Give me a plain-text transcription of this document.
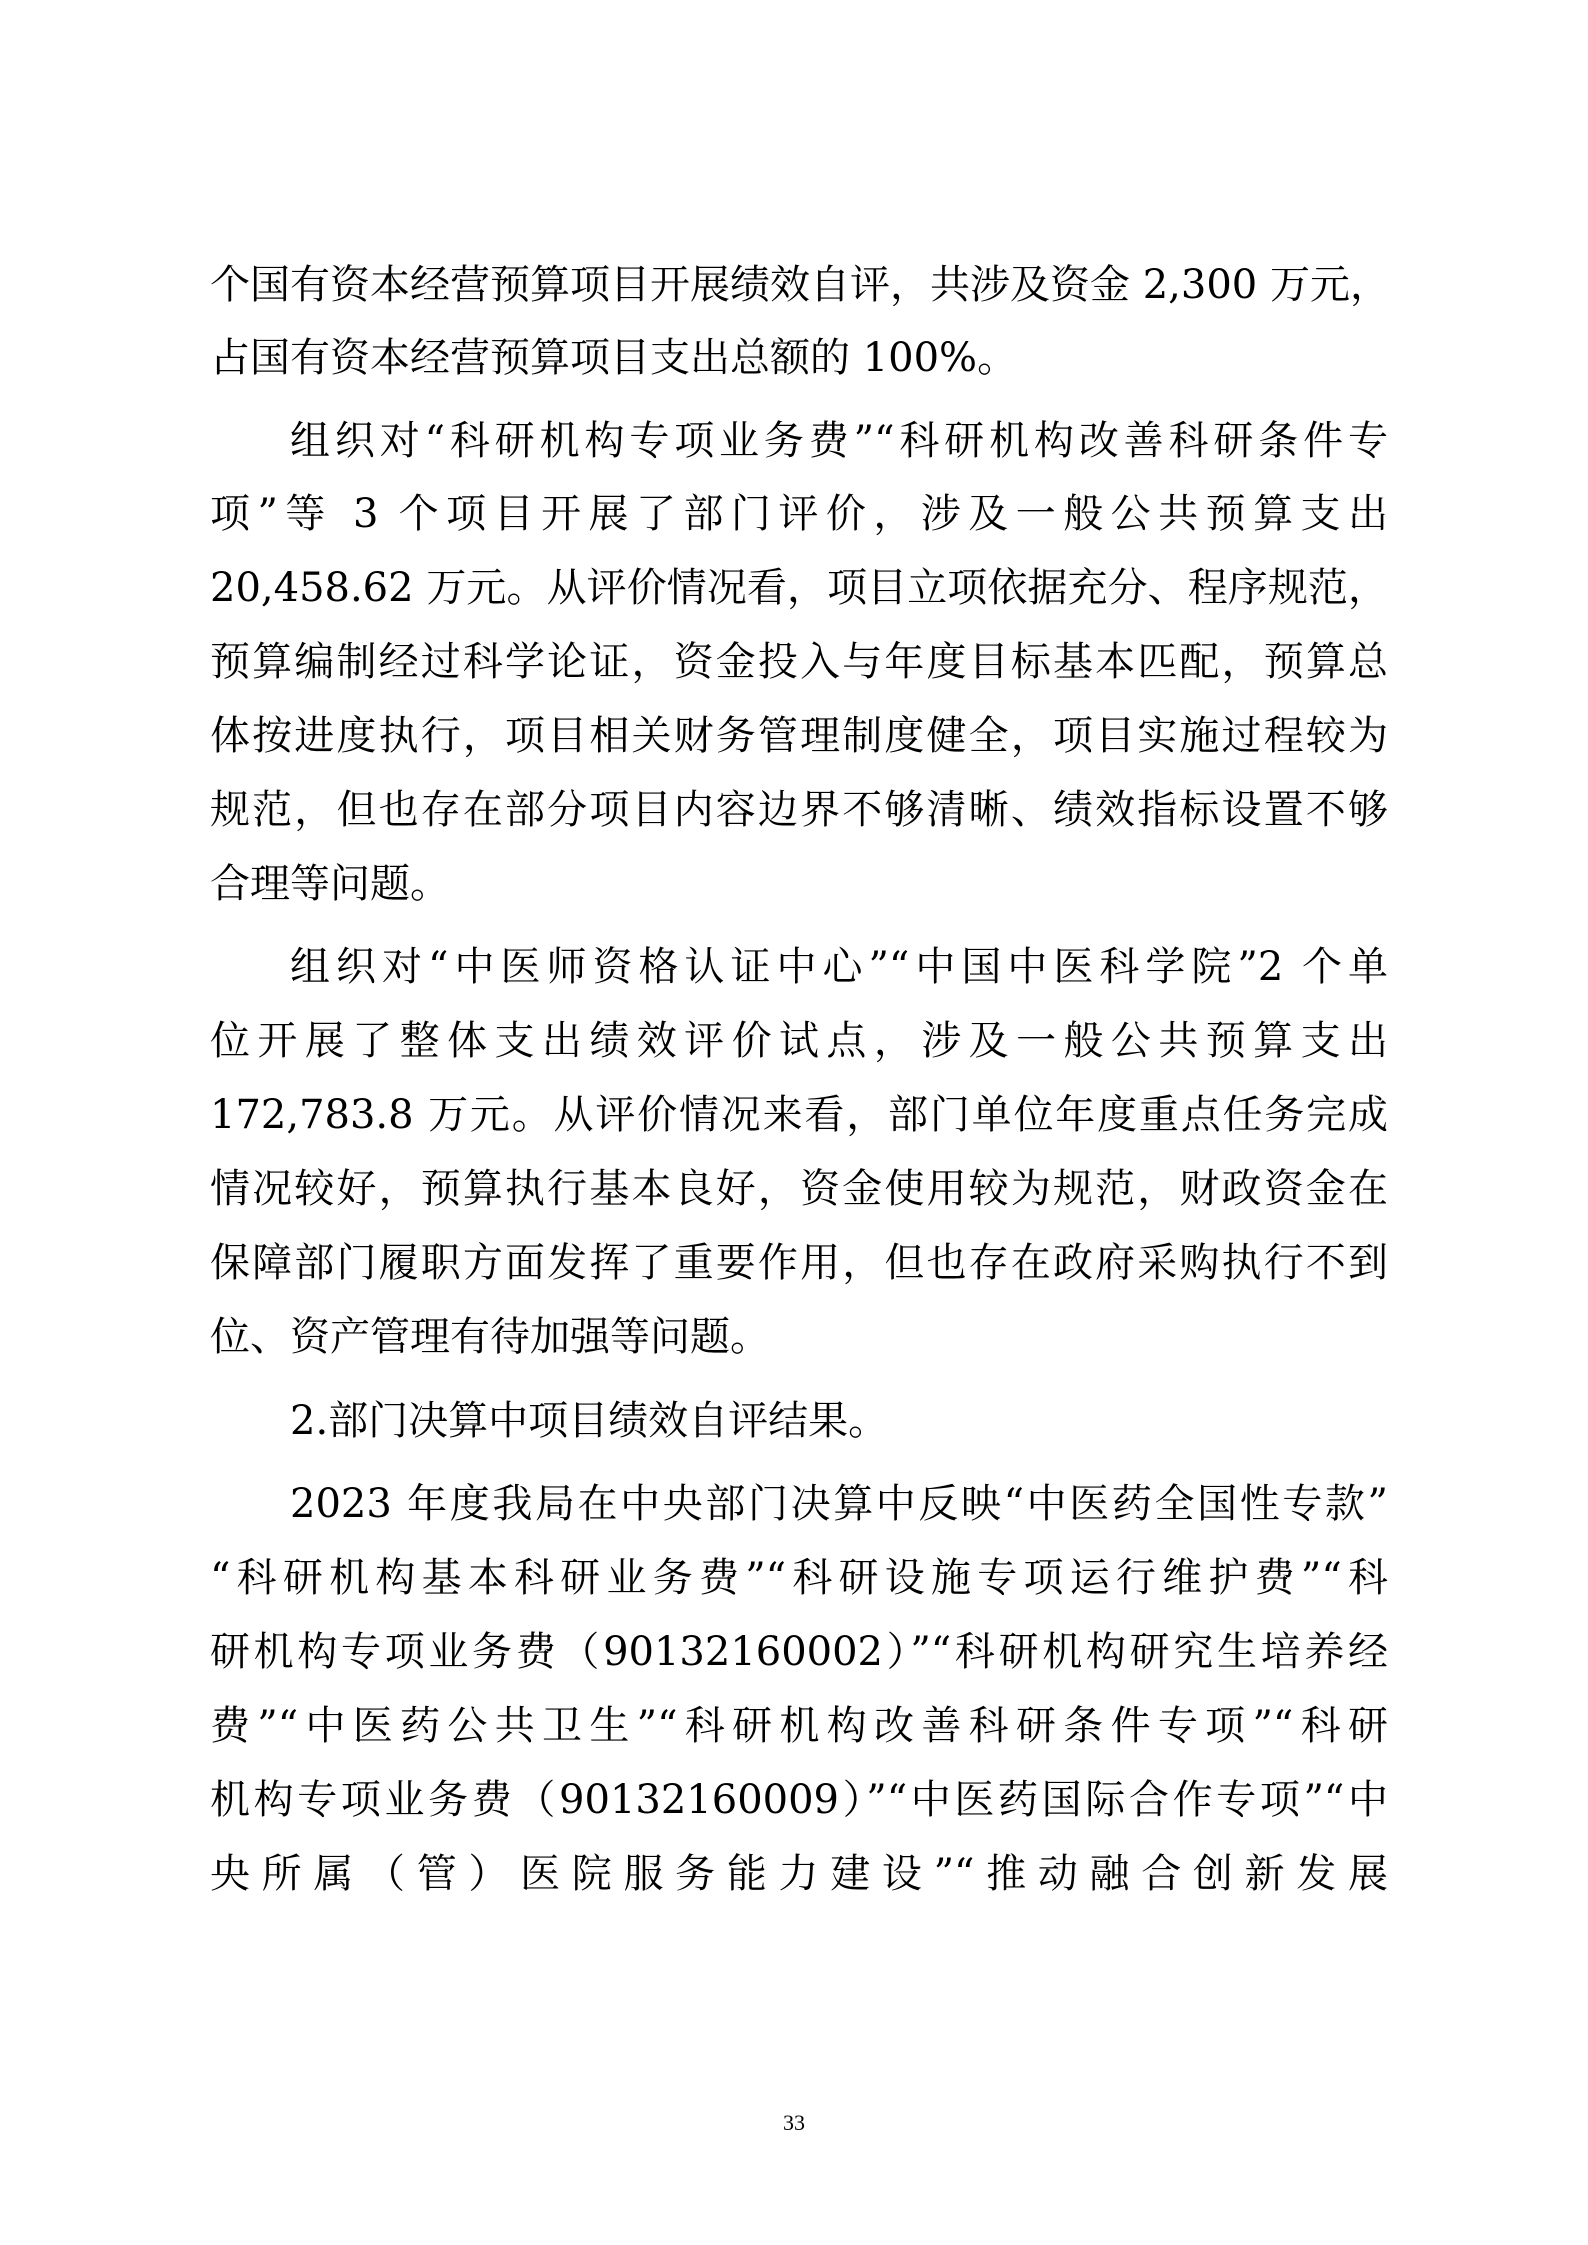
个国有资本经营预算项目开展绩效自评，共涉及资金 2,300 万元，
占国有资本经营预算项目支出总额的 100%。
组织对“科研机构专项业务费”“科研机构改善科研条件专
项”等 3 个项目开展了部门评价，涉及一般公共预算支出
20,458.62 万元。从评价情况看，项目立项依据充分、程序规范，
预算编制经过科学论证，资金投入与年度目标基本匹配，预算总
体按进度执行，项目相关财务管理制度健全，项目实施过程较为
规范，但也存在部分项目内容边界不够清晰、绩效指标设置不够
合理等问题。
组织对“中医师资格认证中心”“中国中医科学院”2 个单
位开展了整体支出绩效评价试点，涉及一般公共预算支出
172,783.8 万元。从评价情况来看，部门单位年度重点任务完成
情况较好，预算执行基本良好，资金使用较为规范，财政资金在
保障部门履职方面发挥了重要作用，但也存在政府采购执行不到
位、资产管理有待加强等问题。
2.部门决算中项目绩效自评结果。
2023 年度我局在中央部门决算中反映“中医药全国性专款”
“科研机构基本科研业务费”“科研设施专项运行维护费”“科
研机构专项业务费（90132160002）”“科研机构研究生培养经
费”“中医药公共卫生”“科研机构改善科研条件专项”“科研
机构专项业务费（90132160009）”“中医药国际合作专项”“中
央所属（管）医院服务能力建设”“推动融合创新发展
33
